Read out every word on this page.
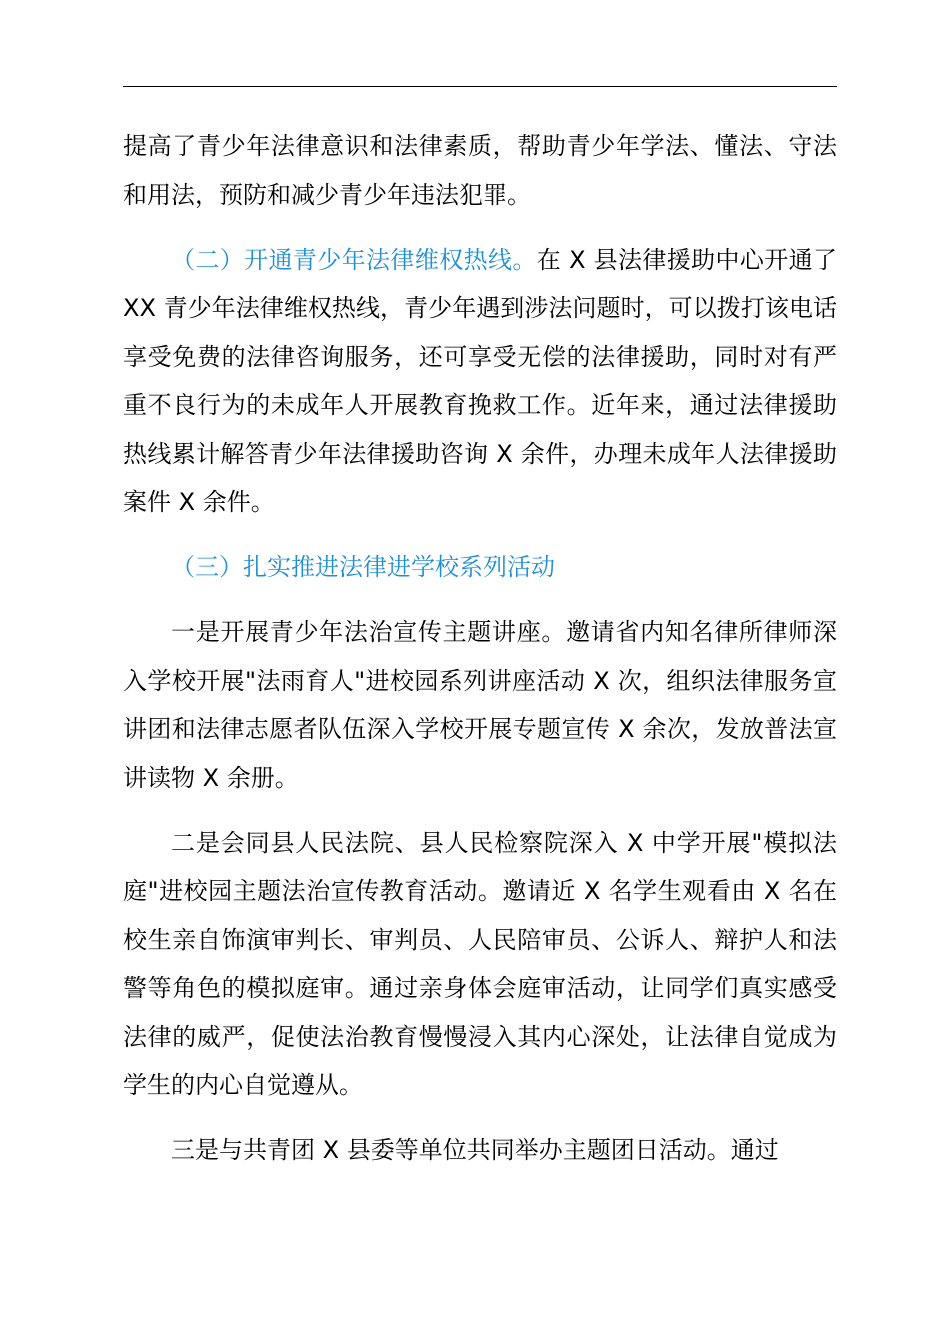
提高了青少年法律意识和法律素质，帮助青少年学法、懂法、守法和用法，预防和减少青少年违法犯罪。

（二）开通青少年法律维权热线。在 X 县法律援助中心开通了 XX 青少年法律维权热线，青少年遇到涉法问题时，可以拨打该电话享受免费的法律咨询服务，还可享受无偿的法律援助，同时对有严重不良行为的未成年人开展教育挽救工作。近年来，通过法律援助热线累计解答青少年法律援助咨询 X 余件，办理未成年人法律援助案件 X 余件。

（三）扎实推进法律进学校系列活动

一是开展青少年法治宣传主题讲座。邀请省内知名律所律师深入学校开展"法雨育人"进校园系列讲座活动 X 次，组织法律服务宣讲团和法律志愿者队伍深入学校开展专题宣传 X 余次，发放普法宣讲读物 X 余册。

二是会同县人民法院、县人民检察院深入 X 中学开展"模拟法庭"进校园主题法治宣传教育活动。邀请近 X 名学生观看由 X 名在校生亲自饰演审判长、审判员、人民陪审员、公诉人、辩护人和法警等角色的模拟庭审。通过亲身体会庭审活动，让同学们真实感受法律的威严，促使法治教育慢慢浸入其内心深处，让法律自觉成为学生的内心自觉遵从。

三是与共青团 X 县委等单位共同举办主题团日活动。通过
